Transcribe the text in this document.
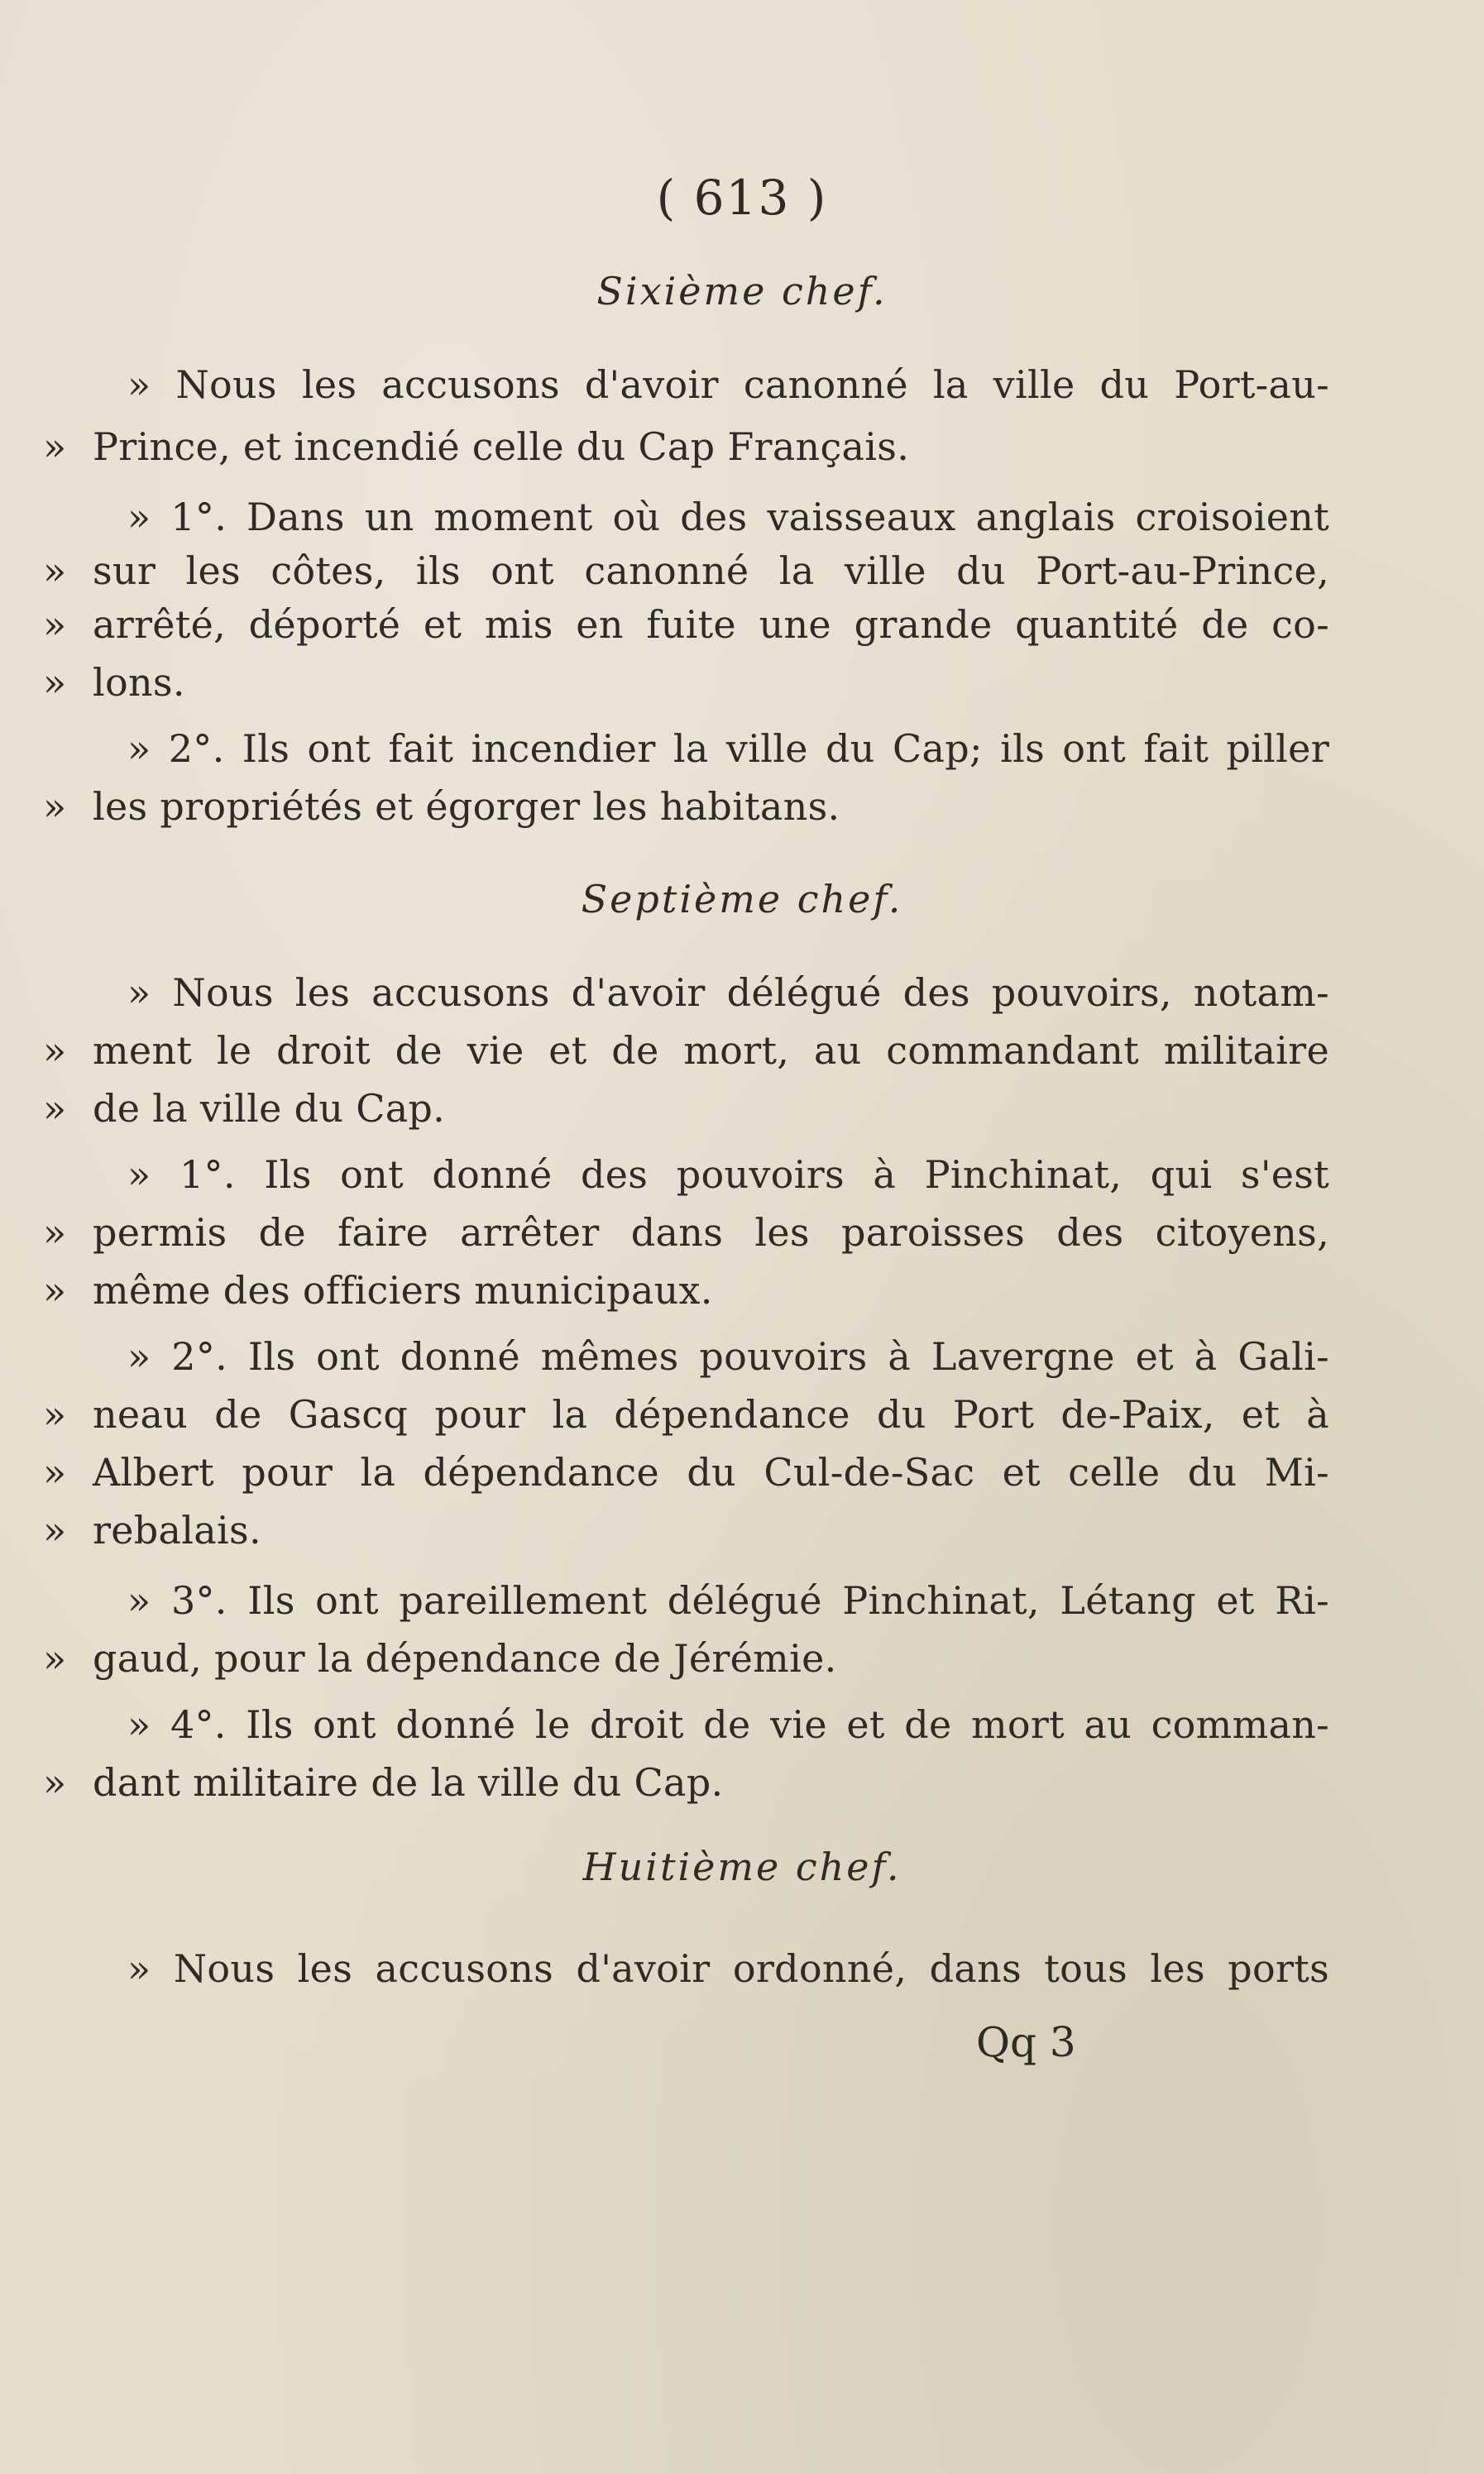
( 613 )
Sixième chef.
» Nous les accusons d'avoir canonné la ville du Port-au-
» Prince, et incendié celle du Cap Français.
» 1°. Dans un moment où des vaisseaux anglais croisoient
» sur les côtes, ils ont canonné la ville du Port-au-Prince,
» arrêté, déporté et mis en fuite une grande quantité de co-
» lons.
» 2°. Ils ont fait incendier la ville du Cap; ils ont fait piller
» les propriétés et égorger les habitans.
Septième chef.
» Nous les accusons d'avoir délégué des pouvoirs, notam-
» ment le droit de vie et de mort, au commandant militaire
» de la ville du Cap.
» 1°. Ils ont donné des pouvoirs à Pinchinat, qui s'est
» permis de faire arrêter dans les paroisses des citoyens,
» même des officiers municipaux.
» 2°. Ils ont donné mêmes pouvoirs à Lavergne et à Gali-
» neau de Gascq pour la dépendance du Port de-Paix, et à
» Albert pour la dépendance du Cul-de-Sac et celle du Mi-
» rebalais.
» 3°. Ils ont pareillement délégué Pinchinat, Létang et Ri-
» gaud, pour la dépendance de Jérémie.
» 4°. Ils ont donné le droit de vie et de mort au comman-
» dant militaire de la ville du Cap.
Huitième chef.
» Nous les accusons d'avoir ordonné, dans tous les ports
Qq 3
